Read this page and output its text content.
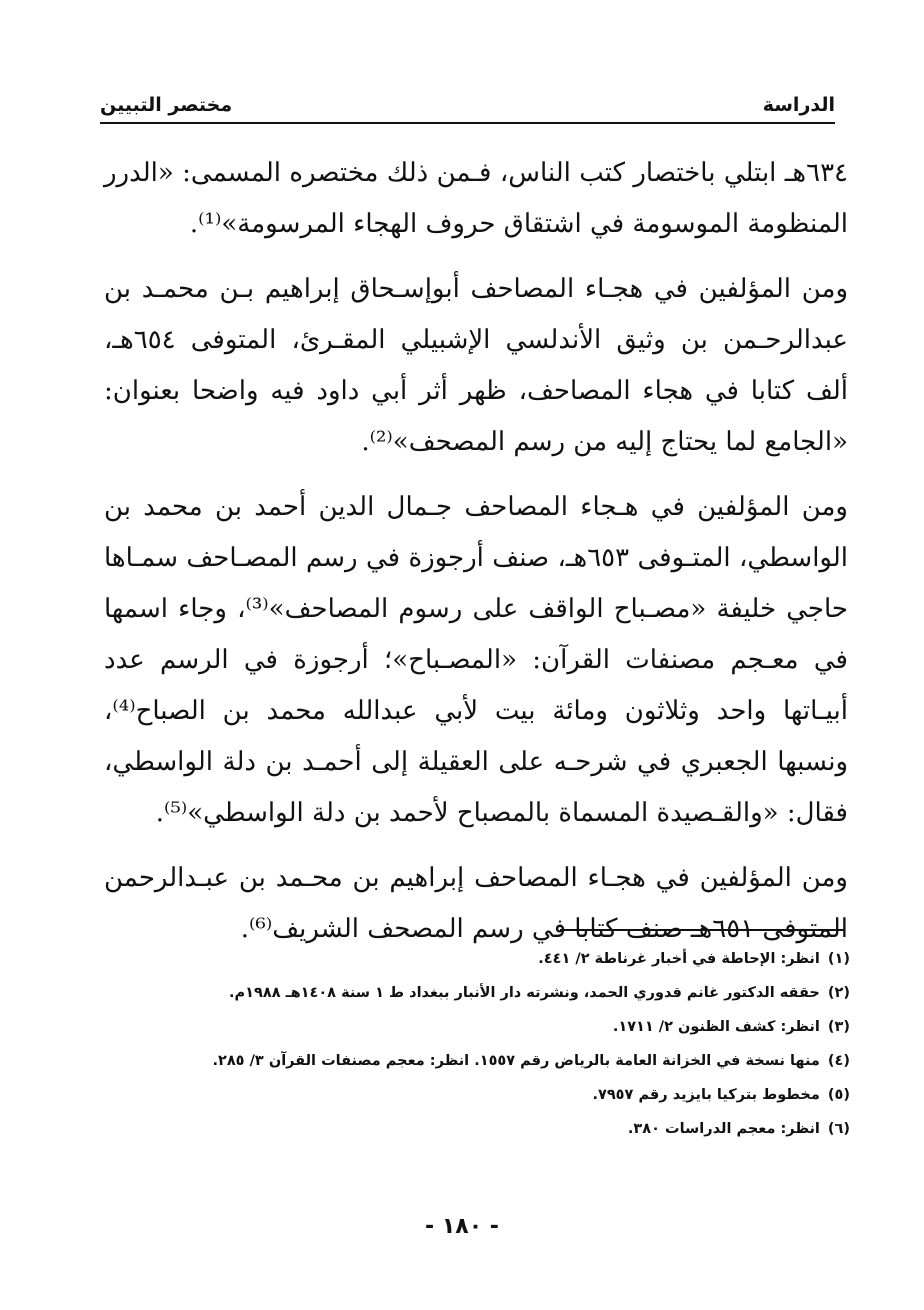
الدراسة
مختصر التبيين

٦٣٤هـ ابتلي باختصار كتب الناس، فـمن ذلك مختصره المسمى: «الدرر المنظومة الموسومة في اشتقاق حروف الهجاء المرسومة»⁽¹⁾.

ومن المؤلفين في هجـاء المصاحف أبوإسـحاق إبراهيم بـن محمـد بن عبدالرحـمن بن وثيق الأندلسي الإشبيلي المقـرئ، المتوفى ٦٥٤هـ، ألف كتابا في هجاء المصاحف، ظهر أثر أبي داود فيه واضحا بعنوان: «الجامع لما يحتاج إليه من رسم المصحف»⁽²⁾.

ومن المؤلفين في هـجاء المصاحف جـمال الدين أحمد بن محمد بن الواسطي، المتـوفى ٦٥٣هـ، صنف أرجوزة في رسم المصـاحف سمـاها حاجي خليفة «مصـباح الواقف على رسوم المصاحف»⁽³⁾، وجاء اسمها في معـجم مصنفات القرآن: «المصـباح»؛ أرجوزة في الرسم عدد أبيـاتها واحد وثلاثون ومائة بيت لأبي عبدالله محمد بن الصباح⁽⁴⁾، ونسبها الجعبري في شرحـه على العقيلة إلى أحمـد بن دلة الواسطي، فقال: «والقـصيدة المسماة بالمصباح لأحمد بن دلة الواسطي»⁽⁵⁾.

ومن المؤلفين في هجـاء المصاحف إبراهيم بن محـمد بن عبـدالرحمن المتوفى ٦٥١هـ صنف كتابا في رسم المصحف الشريف⁽⁶⁾.

(١)انظر: الإحاطة في أخبار غرناطة ٢/ ٤٤١.
(٢)حققه الدكتور غانم قدوري الحمد، ونشرته دار الأنبار ببغداد ط ١ سنة ١٤٠٨هـ ١٩٨٨م.
(٣)انظر: كشف الظنون ٢/ ١٧١١.
(٤)منها نسخة في الخزانة العامة بالرياض رقم ١٥٥٧. انظر: معجم مصنفات القرآن ٣/ ٢٨٥.
(٥)مخطوط بتركيا بايزيد رقم ٧٩٥٧.
(٦)انظر: معجم الدراسات ٣٨٠.
- ١٨٠ -
